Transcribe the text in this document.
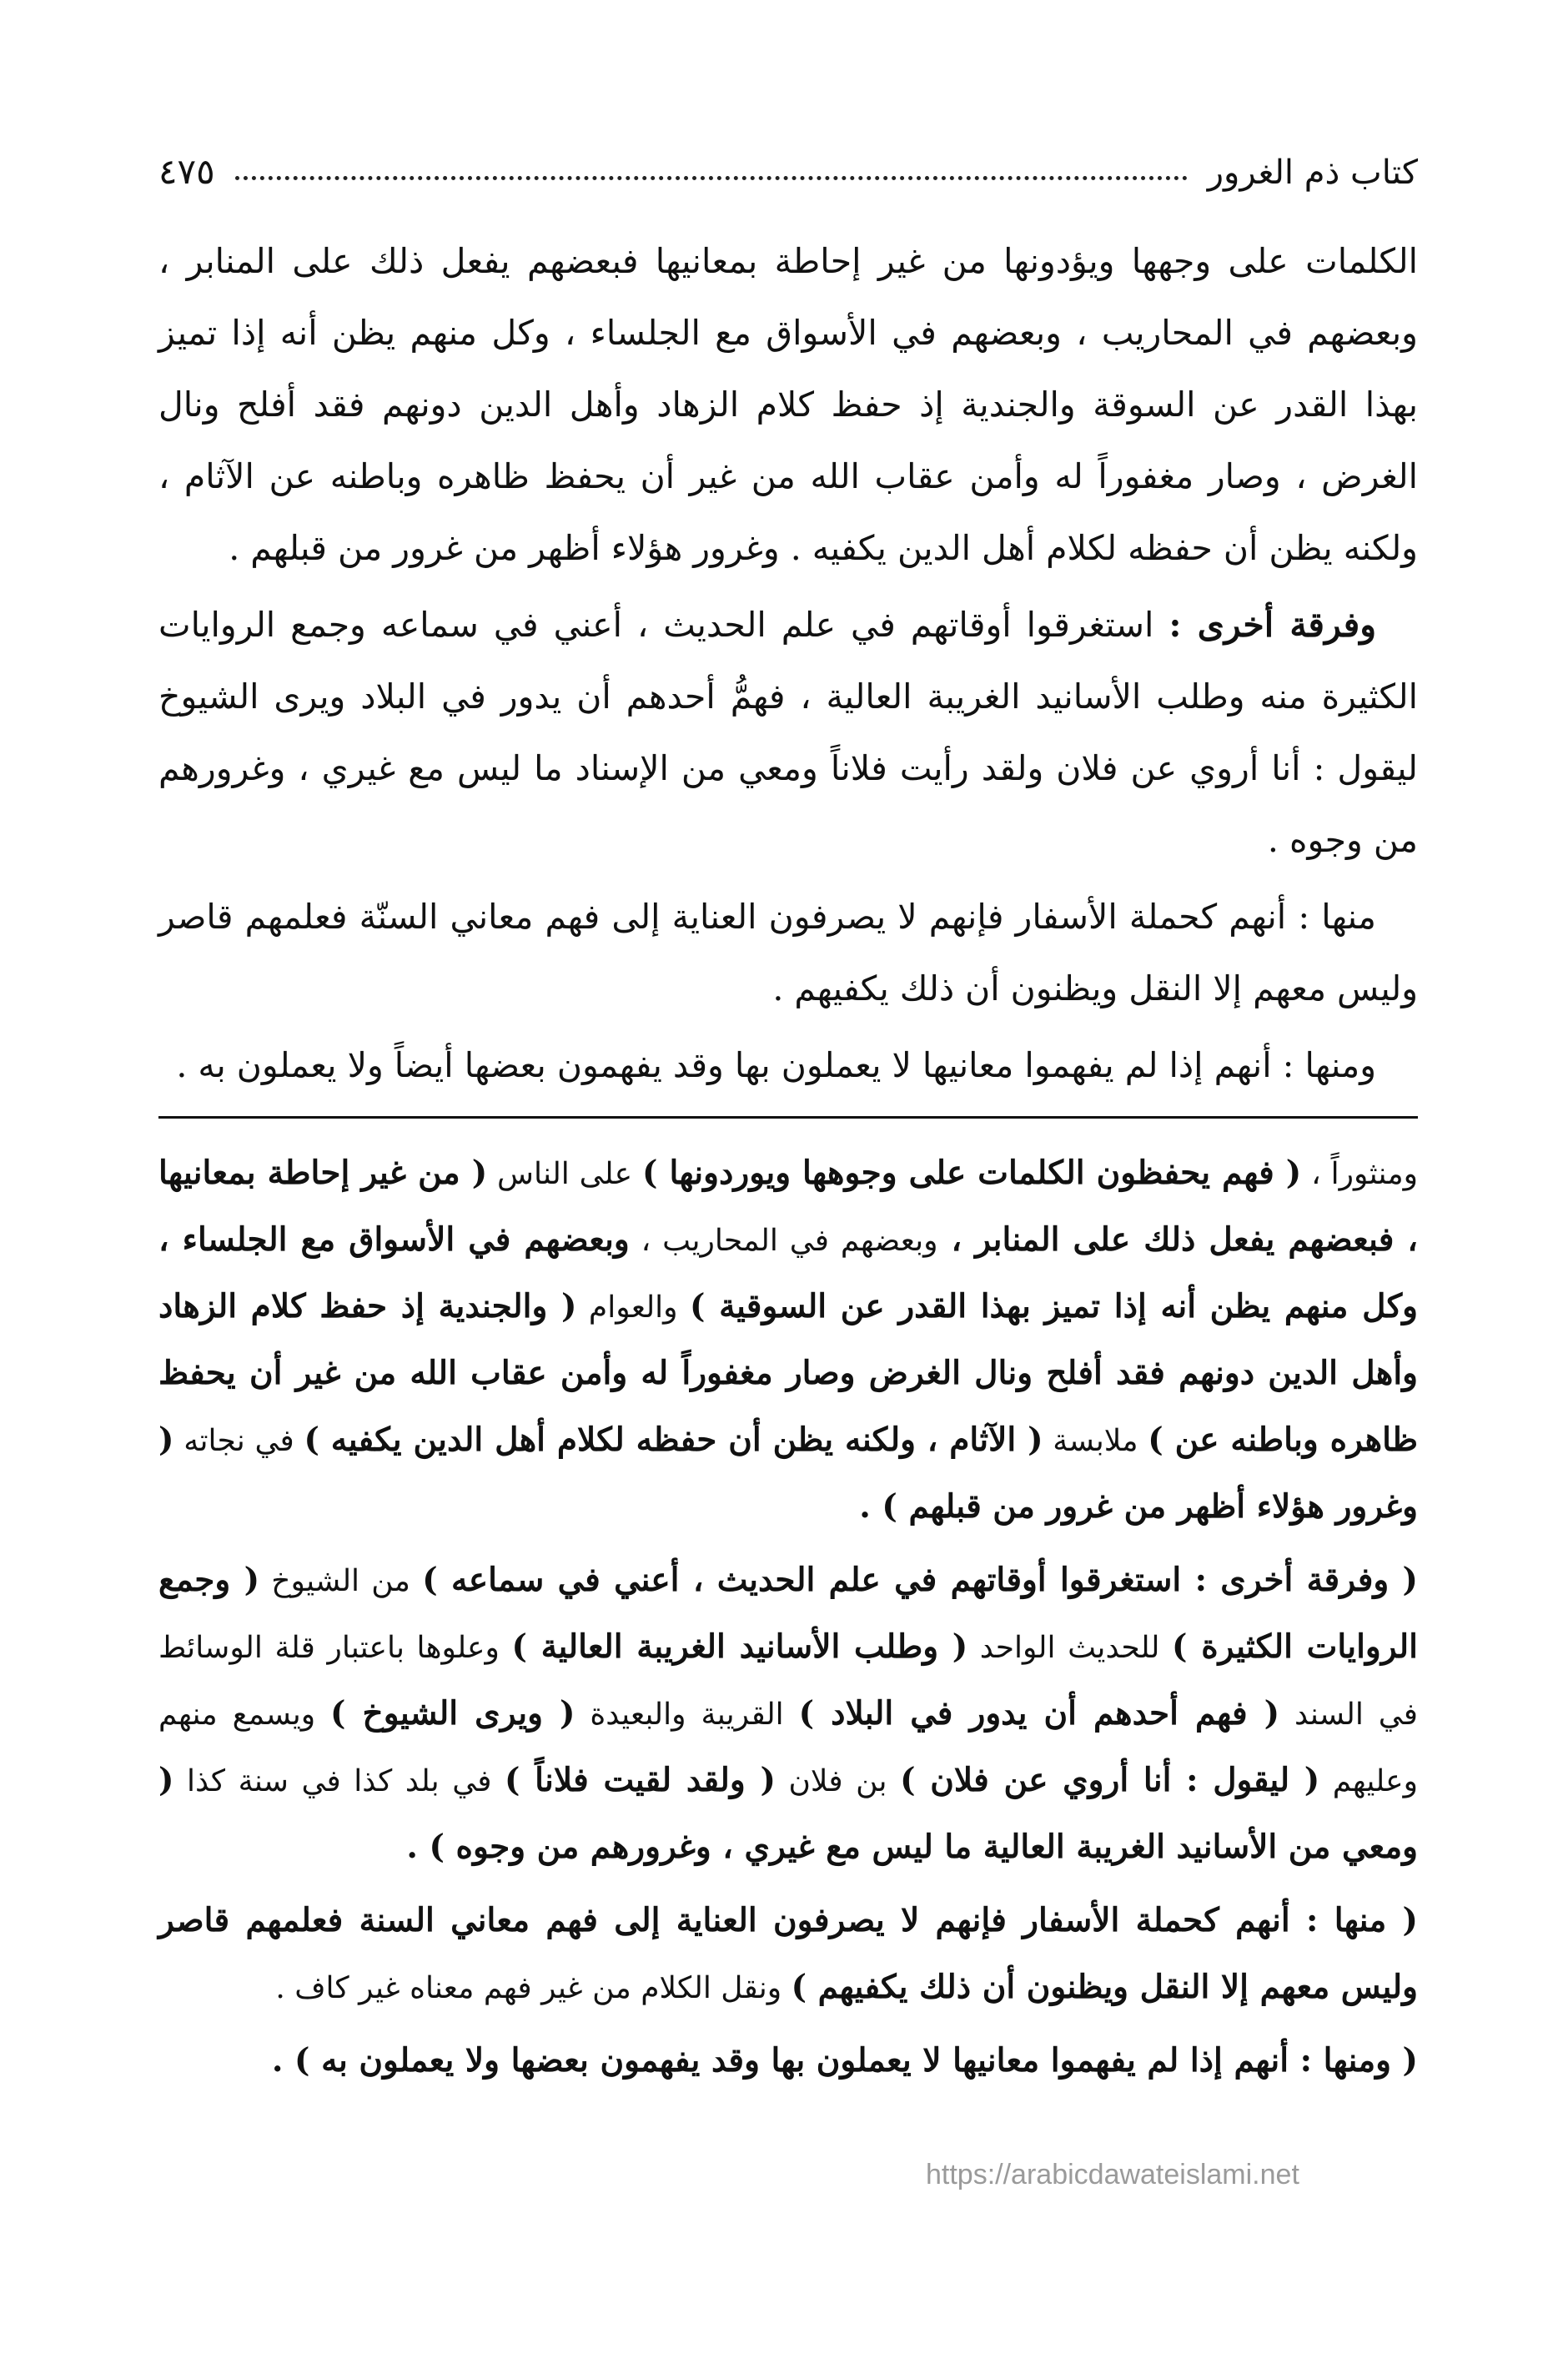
كتاب ذم الغرور
٤٧٥

الكلمات على وجهها ويؤدونها من غير إحاطة بمعانيها فبعضهم يفعل ذلك على المنابر ، وبعضهم في المحاريب ، وبعضهم في الأسواق مع الجلساء ، وكل منهم يظن أنه إذا تميز بهذا القدر عن السوقة والجندية إذ حفظ كلام الزهاد وأهل الدين دونهم فقد أفلح ونال الغرض ، وصار مغفوراً له وأمن عقاب الله من غير أن يحفظ ظاهره وباطنه عن الآثام ، ولكنه يظن أن حفظه لكلام أهل الدين يكفيه . وغرور هؤلاء أظهر من غرور من قبلهم .

وفرقة أخرى : استغرقوا أوقاتهم في علم الحديث ، أعني في سماعه وجمع الروايات الكثيرة منه وطلب الأسانيد الغريبة العالية ، فهمُّ أحدهم أن يدور في البلاد ويرى الشيوخ ليقول : أنا أروي عن فلان ولقد رأيت فلاناً ومعي من الإسناد ما ليس مع غيري ، وغرورهم من وجوه .

منها : أنهم كحملة الأسفار فإنهم لا يصرفون العناية إلى فهم معاني السنّة فعلمهم قاصر وليس معهم إلا النقل ويظنون أن ذلك يكفيهم .

ومنها : أنهم إذا لم يفهموا معانيها لا يعملون بها وقد يفهمون بعضها أيضاً ولا يعملون به .

ومنثوراً ، ( فهم يحفظون الكلمات على وجوهها ويوردونها ) على الناس ( من غير إحاطة بمعانيها ، فبعضهم يفعل ذلك على المنابر ، وبعضهم في المحاريب ، وبعضهم في الأسواق مع الجلساء ، وكل منهم يظن أنه إذا تميز بهذا القدر عن السوقية ) والعوام ( والجندية إذ حفظ كلام الزهاد وأهل الدين دونهم فقد أفلح ونال الغرض وصار مغفوراً له وأمن عقاب الله من غير أن يحفظ ظاهره وباطنه عن ) ملابسة ( الآثام ، ولكنه يظن أن حفظه لكلام أهل الدين يكفيه ) في نجاته ( وغرور هؤلاء أظهر من غرور من قبلهم ) .

( وفرقة أخرى : استغرقوا أوقاتهم في علم الحديث ، أعني في سماعه ) من الشيوخ ( وجمع الروايات الكثيرة ) للحديث الواحد ( وطلب الأسانيد الغريبة العالية ) وعلوها باعتبار قلة الوسائط في السند ( فهم أحدهم أن يدور في البلاد ) القريبة والبعيدة ( ويرى الشيوخ ) ويسمع منهم وعليهم ( ليقول : أنا أروي عن فلان ) بن فلان ( ولقد لقيت فلاناً ) في بلد كذا في سنة كذا ( ومعي من الأسانيد الغريبة العالية ما ليس مع غيري ، وغرورهم من وجوه ) .

( منها : أنهم كحملة الأسفار فإنهم لا يصرفون العناية إلى فهم معاني السنة فعلمهم قاصر وليس معهم إلا النقل ويظنون أن ذلك يكفيهم ) ونقل الكلام من غير فهم معناه غير كاف .

( ومنها : أنهم إذا لم يفهموا معانيها لا يعملون بها وقد يفهمون بعضها ولا يعملون به ) .

https://arabicdawateislami.net
